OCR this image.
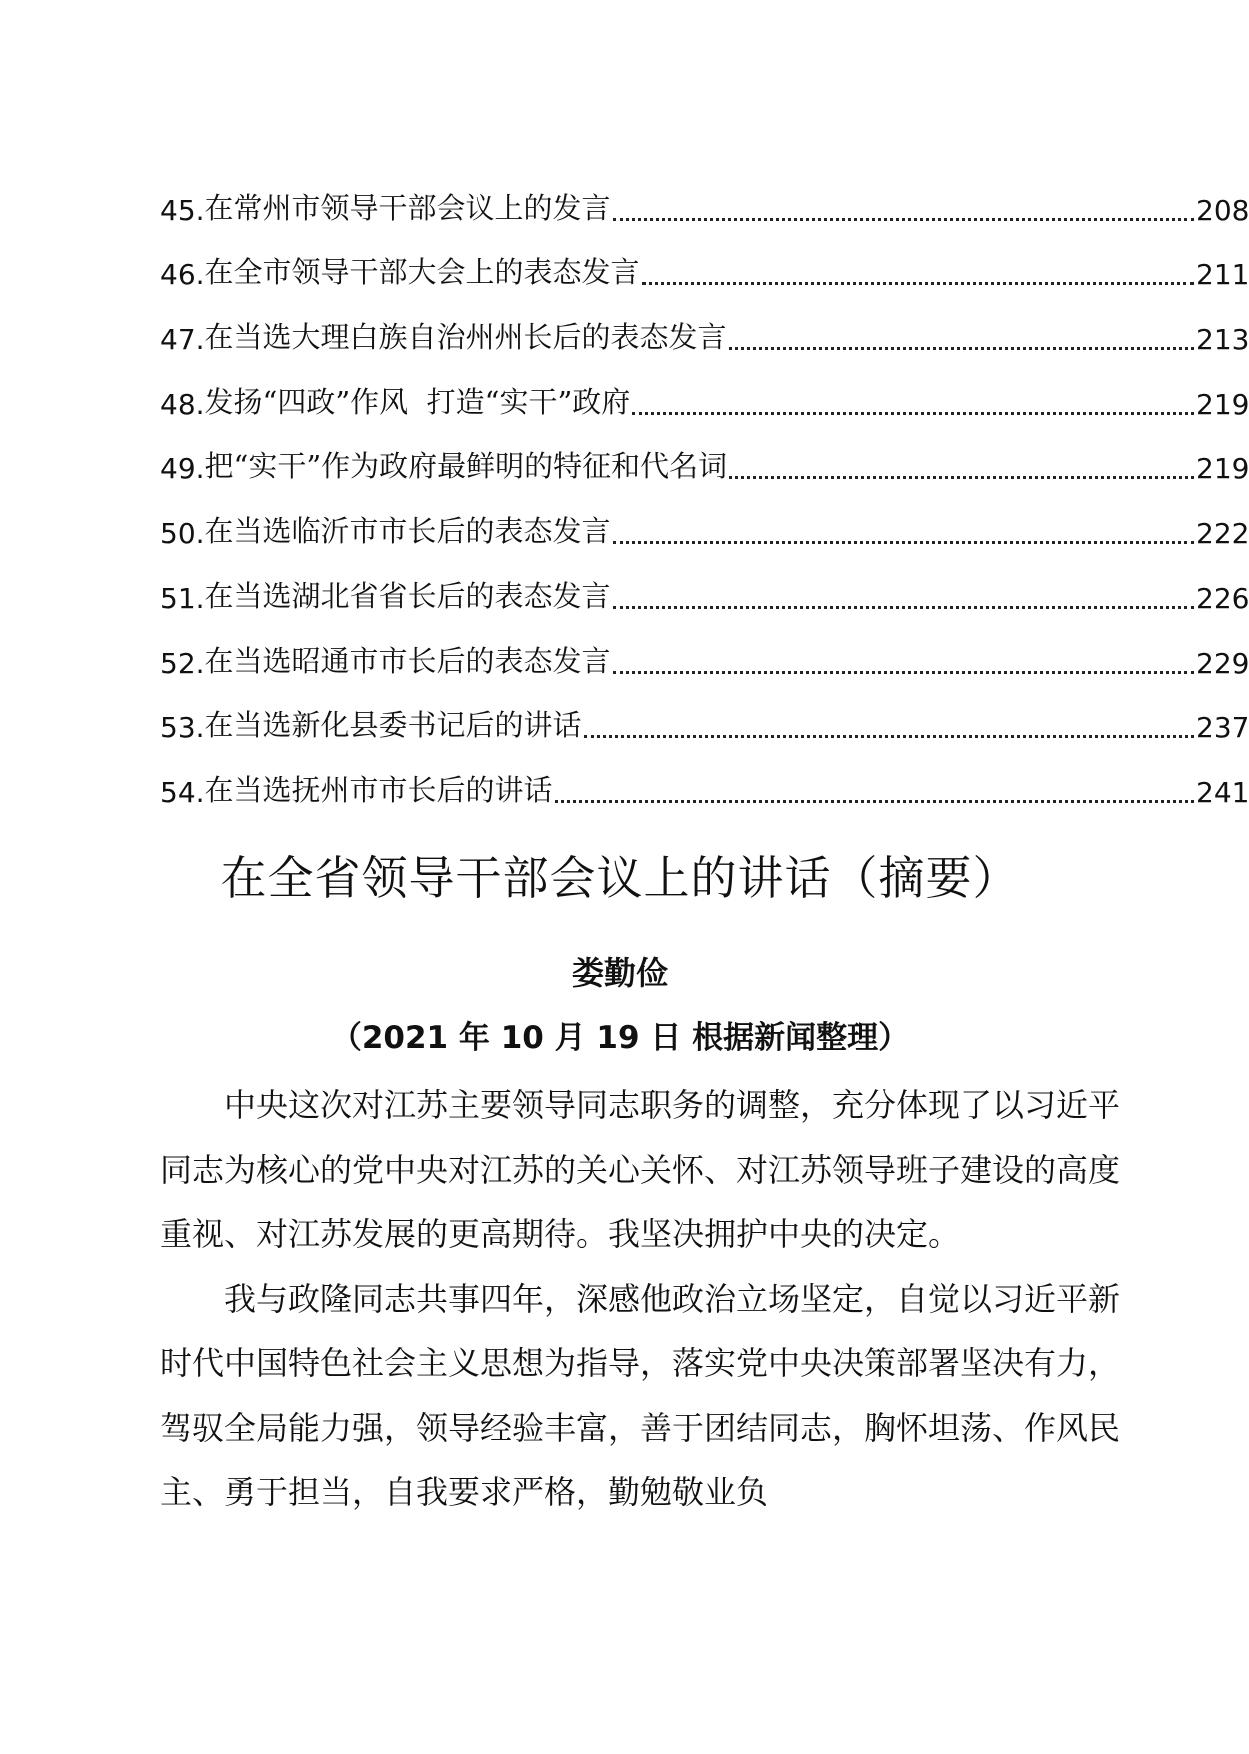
45. 在常州市领导干部会议上的发言	208
46. 在全市领导干部大会上的表态发言	211
47. 在当选大理白族自治州州长后的表态发言	213
48. 发扬“四政”作风  打造“实干”政府	219
49. 把“实干”作为政府最鲜明的特征和代名词	219
50. 在当选临沂市市长后的表态发言	222
51. 在当选湖北省省长后的表态发言	226
52. 在当选昭通市市长后的表态发言	229
53. 在当选新化县委书记后的讲话	237
54. 在当选抚州市市长后的讲话	241
在全省领导干部会议上的讲话（摘要）
娄勤俭
（2021 年 10 月 19 日 根据新闻整理）

中央这次对江苏主要领导同志职务的调整，充分体现了以习近平同志为核心的党中央对江苏的关心关怀、对江苏领导班子建设的高度重视、对江苏发展的更高期待。我坚决拥护中央的决定。

我与政隆同志共事四年，深感他政治立场坚定，自觉以习近平新时代中国特色社会主义思想为指导，落实党中央决策部署坚决有力，驾驭全局能力强，领导经验丰富，善于团结同志，胸怀坦荡、作风民主、勇于担当，自我要求严格，勤勉敬业负
